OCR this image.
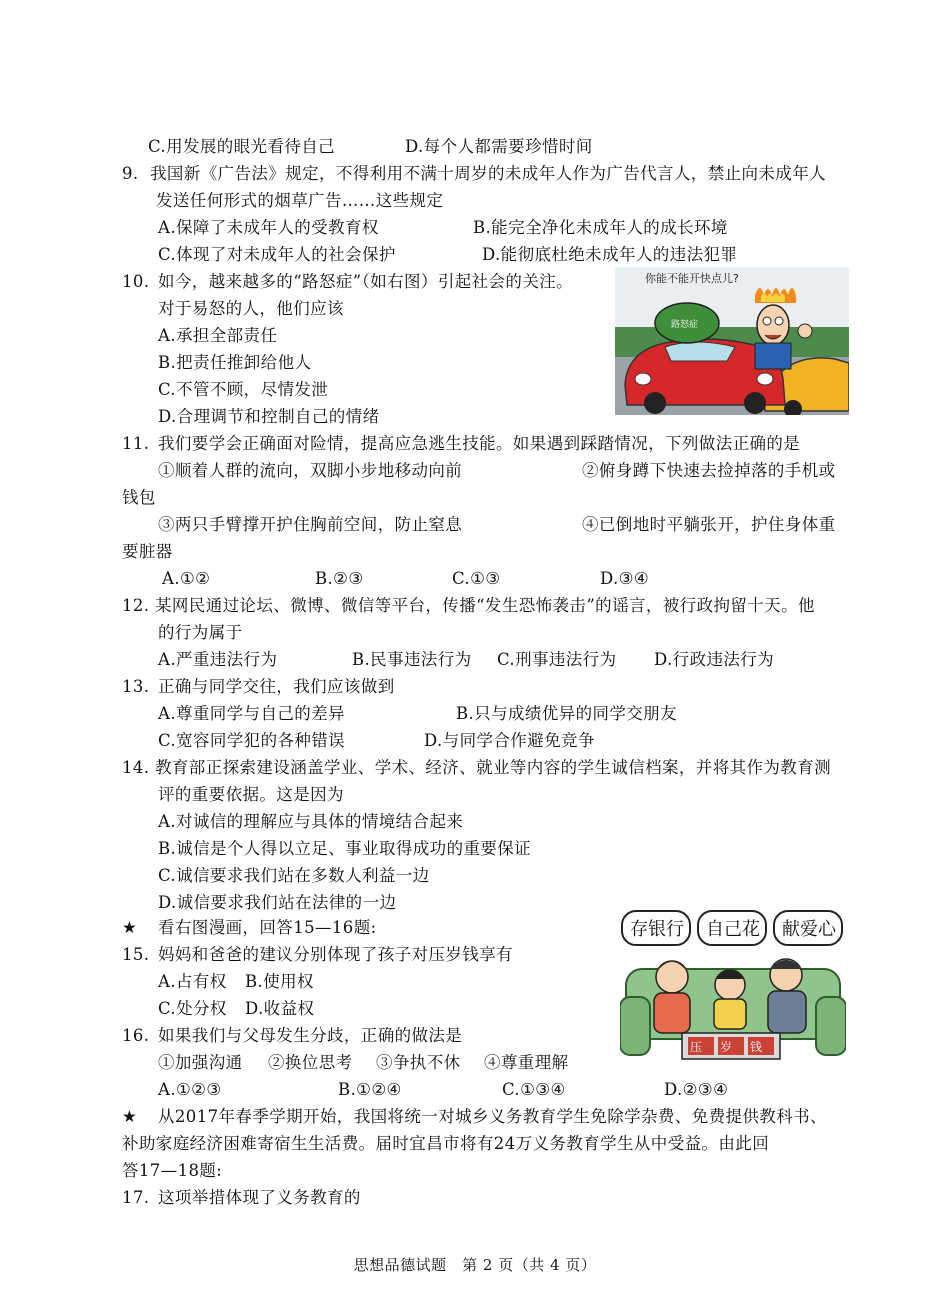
C.用发展的眼光看待自己	D.每个人都需要珍惜时间
9. 我国新《广告法》规定，不得利用不满十周岁的未成年人作为广告代言人，禁止向未成年人
发送任何形式的烟草广告……这些规定
A.保障了未成年人的受教育权	B.能完全净化未成年人的成长环境
C.体现了对未成年人的社会保护	D.能彻底杜绝未成年人的违法犯罪
10. 如今，越来越多的“路怒症”（如右图）引起社会的关注。
对于易怒的人，他们应该
A.承担全部责任
B.把责任推卸给他人
C.不管不顾，尽情发泄
D.合理调节和控制自己的情绪
你能不能开快点儿?
路怒症
11. 我们要学会正确面对险情，提高应急逃生技能。如果遇到踩踏情况，下列做法正确的是
①顺着人群的流向，双脚小步地移动向前	②俯身蹲下快速去捡掉落的手机或
钱包
③两只手臂撑开护住胸前空间，防止窒息	④已倒地时平躺张开，护住身体重
要脏器
A.①②	B.②③	C.①③	D.③④
12. 某网民通过论坛、微博、微信等平台，传播“发生恐怖袭击”的谣言，被行政拘留十天。他
的行为属于
A.严重违法行为	B.民事违法行为 C.刑事违法行为 D.行政违法行为
13. 正确与同学交往，我们应该做到
A.尊重同学与自己的差异	B.只与成绩优异的同学交朋友
C.宽容同学犯的各种错误	D.与同学合作避免竞争
14. 教育部正探索建设涵盖学业、学术、经济、就业等内容的学生诚信档案，并将其作为教育测
评的重要依据。这是因为
A.对诚信的理解应与具体的情境结合起来
B.诚信是个人得以立足、事业取得成功的重要保证
C.诚信要求我们站在多数人利益一边
D.诚信要求我们站在法律的一边
★ 看右图漫画，回答15—16题:
15. 妈妈和爸爸的建议分别体现了孩子对压岁钱享有
A.占有权 B.使用权
C.处分权 D.收益权
16. 如果我们与父母发生分歧，正确的做法是
①加强沟通 ②换位思考 ③争执不休 ④尊重理解
A.①②③	B.①②④	C.①③④	D.②③④
存银行 自己花 献爱心
压岁钱
★ 从2017年春季学期开始，我国将统一对城乡义务教育学生免除学杂费、免费提供教科书、
补助家庭经济困难寄宿生生活费。届时宜昌市将有24万义务教育学生从中受益。由此回
答17—18题:
17. 这项举措体现了义务教育的
思想品德试题　第 2 页（共 4 页）
